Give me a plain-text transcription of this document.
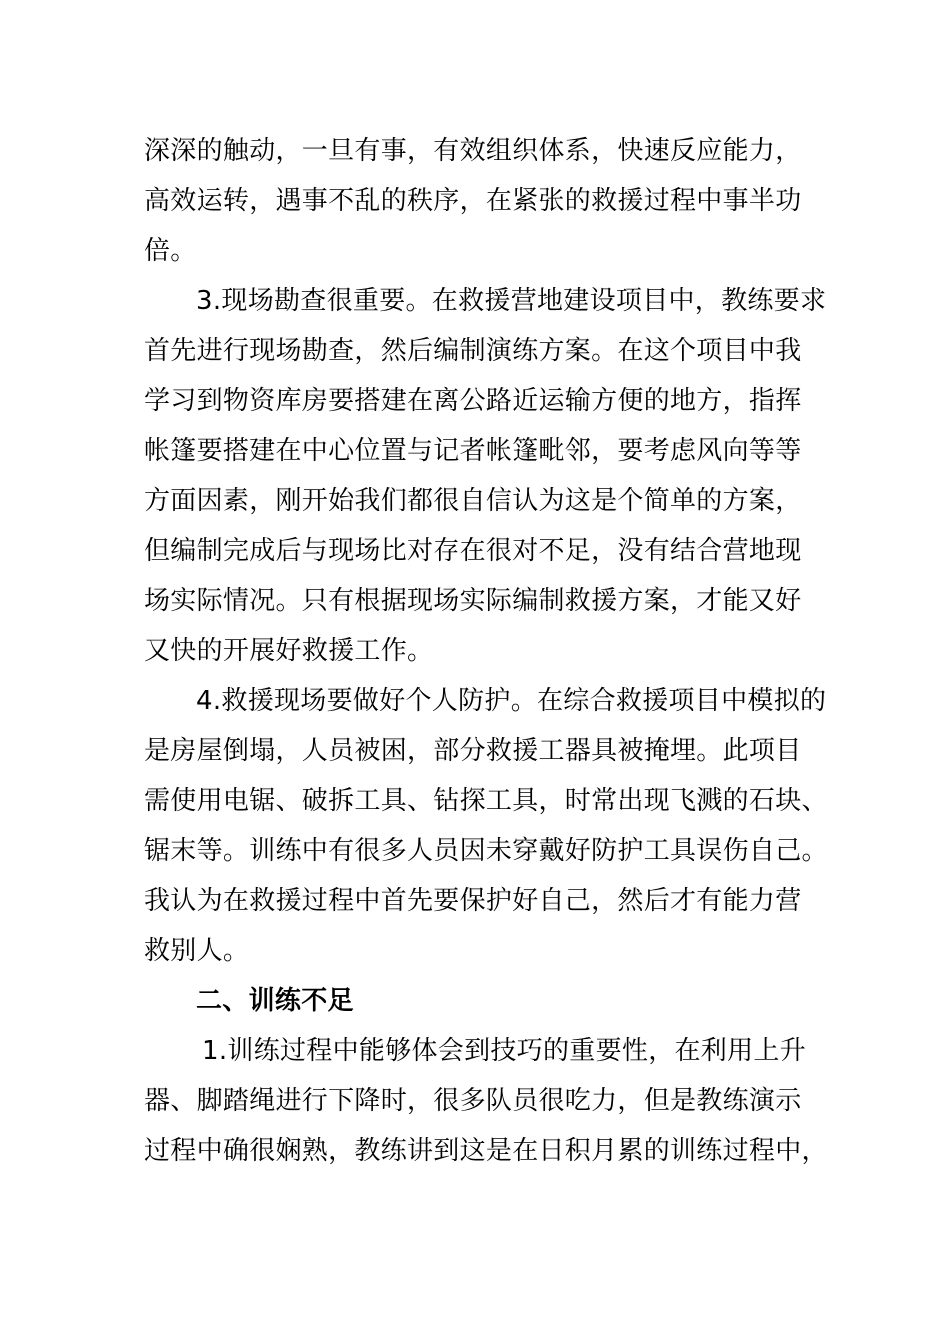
深深的触动，一旦有事，有效组织体系，快速反应能力，
高效运转，遇事不乱的秩序，在紧张的救援过程中事半功
倍。
3.现场勘查很重要。在救援营地建设项目中，教练要求
首先进行现场勘查，然后编制演练方案。在这个项目中我
学习到物资库房要搭建在离公路近运输方便的地方，指挥
帐篷要搭建在中心位置与记者帐篷毗邻，要考虑风向等等
方面因素，刚开始我们都很自信认为这是个简单的方案，
但编制完成后与现场比对存在很对不足，没有结合营地现
场实际情况。只有根据现场实际编制救援方案，才能又好
又快的开展好救援工作。
4.救援现场要做好个人防护。在综合救援项目中模拟的
是房屋倒塌，人员被困，部分救援工器具被掩埋。此项目
需使用电锯、破拆工具、钻探工具，时常出现飞溅的石块、
锯末等。训练中有很多人员因未穿戴好防护工具误伤自己。
我认为在救援过程中首先要保护好自己，然后才有能力营
救别人。
二、训练不足
1.训练过程中能够体会到技巧的重要性，在利用上升
器、脚踏绳进行下降时，很多队员很吃力，但是教练演示
过程中确很娴熟，教练讲到这是在日积月累的训练过程中，
